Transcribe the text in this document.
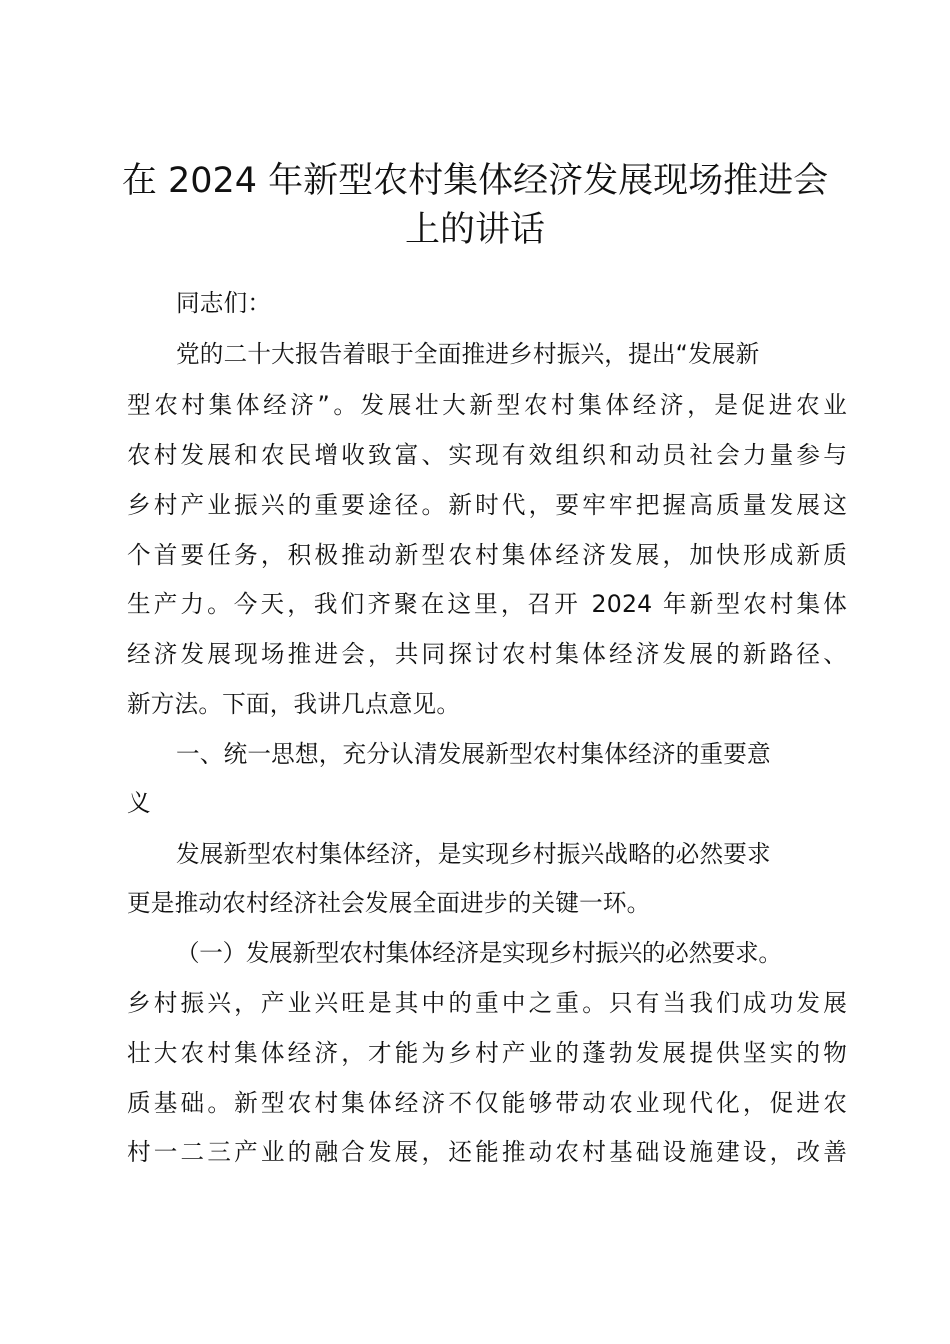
在 2024 年新型农村集体经济发展现场推进会
上的讲话
同志们：
党的二十大报告着眼于全面推进乡村振兴，提出“发展新
型农村集体经济”。发展壮大新型农村集体经济，是促进农业
农村发展和农民增收致富、实现有效组织和动员社会力量参与
乡村产业振兴的重要途径。新时代，要牢牢把握高质量发展这
个首要任务，积极推动新型农村集体经济发展，加快形成新质
生产力。今天，我们齐聚在这里，召开 2024 年新型农村集体
经济发展现场推进会，共同探讨农村集体经济发展的新路径、
新方法。下面，我讲几点意见。
一、统一思想，充分认清发展新型农村集体经济的重要意
义
发展新型农村集体经济，是实现乡村振兴战略的必然要求
更是推动农村经济社会发展全面进步的关键一环。
（一）发展新型农村集体经济是实现乡村振兴的必然要求。
乡村振兴，产业兴旺是其中的重中之重。只有当我们成功发展
壮大农村集体经济，才能为乡村产业的蓬勃发展提供坚实的物
质基础。新型农村集体经济不仅能够带动农业现代化，促进农
村一二三产业的融合发展，还能推动农村基础设施建设，改善
